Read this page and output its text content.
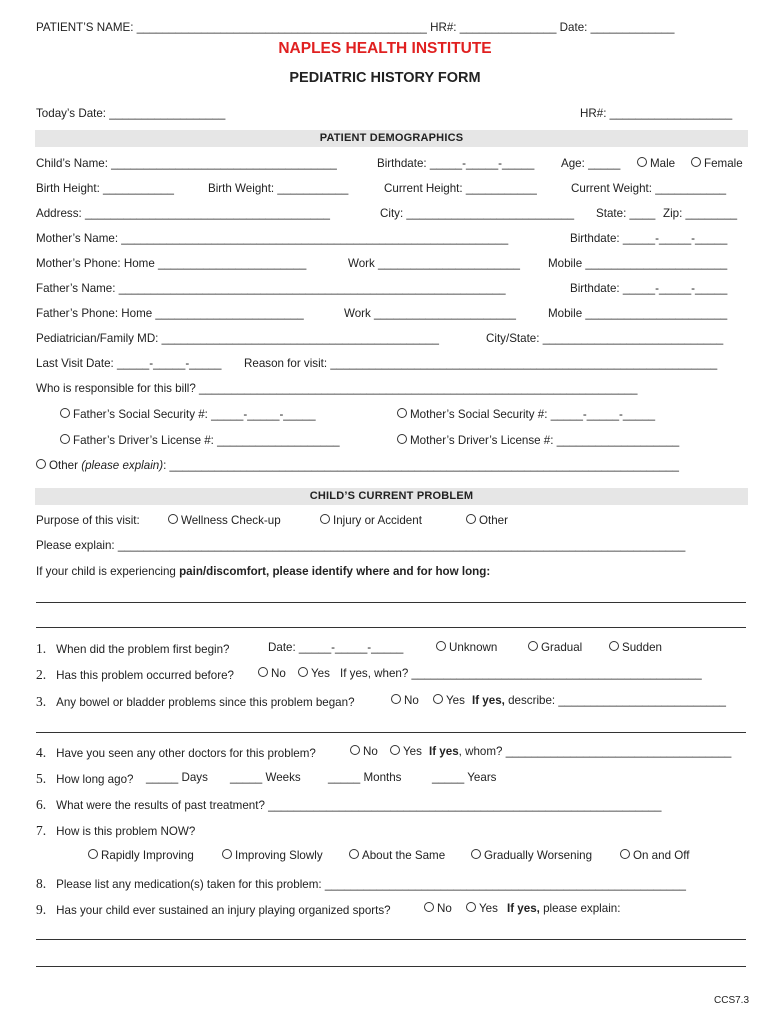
PATIENT’S NAME: _____________________________________________ HR#: _______________ Date: _____________
NAPLES HEALTH INSTITUTE
PEDIATRIC HISTORY FORM
Today’s Date: __________________	HR#: ___________________
PATIENT DEMOGRAPHICS
Child’s Name: ___________________________________	Birthdate: _____-_____-_____ Age: _____	Male	Female
Birth Height: ___________	Birth Weight: ___________	Current Height: ___________	Current Weight: ___________
Address: ______________________________________	City: __________________________ State: ____ Zip: ________
Mother’s Name: ____________________________________________________________	Birthdate: _____-_____-_____
Mother’s Phone: Home _______________________	Work ______________________ Mobile ______________________
Father’s Name: ____________________________________________________________	Birthdate: _____-_____-_____
Father’s Phone: Home _______________________	Work ______________________	Mobile ______________________
Pediatrician/Family MD: ___________________________________________	City/State: ____________________________
Last Visit Date: _____-_____-_____ Reason for visit: ____________________________________________________________
Who is responsible for this bill? ____________________________________________________________________
Father’s Social Security #: _____-_____-_____	Mother’s Social Security #: _____-_____-_____
Father’s Driver’s License #: ___________________	Mother’s Driver’s License #: ___________________
Other (please explain): _______________________________________________________________________________
CHILD’S CURRENT PROBLEM
Purpose of this visit:	Wellness Check-up	Injury or Accident	Other
Please explain: ________________________________________________________________________________________
If your child is experiencing pain/discomfort, please identify where and for how long:
1. When did the problem first begin?	Date: _____-_____-_____	Unknown	Gradual	Sudden
2. Has this problem occurred before?	No	Yes If yes, when? _____________________________________________
3. Any bowel or bladder problems since this problem began?	No	Yes If yes, describe: __________________________
4. Have you seen any other doctors for this problem?	No	Yes If yes, whom? ___________________________________
5. How long ago? _____ Days _____ Weeks _____ Months	_____ Years
6. What were the results of past treatment? _____________________________________________________________
7. How is this problem NOW?
Rapidly Improving	Improving Slowly	About the Same	Gradually Worsening	On and Off
8. Please list any medication(s) taken for this problem: ________________________________________________________
9. Has your child ever sustained an injury playing organized sports?	No	Yes If yes, please explain:
CCS7.3
